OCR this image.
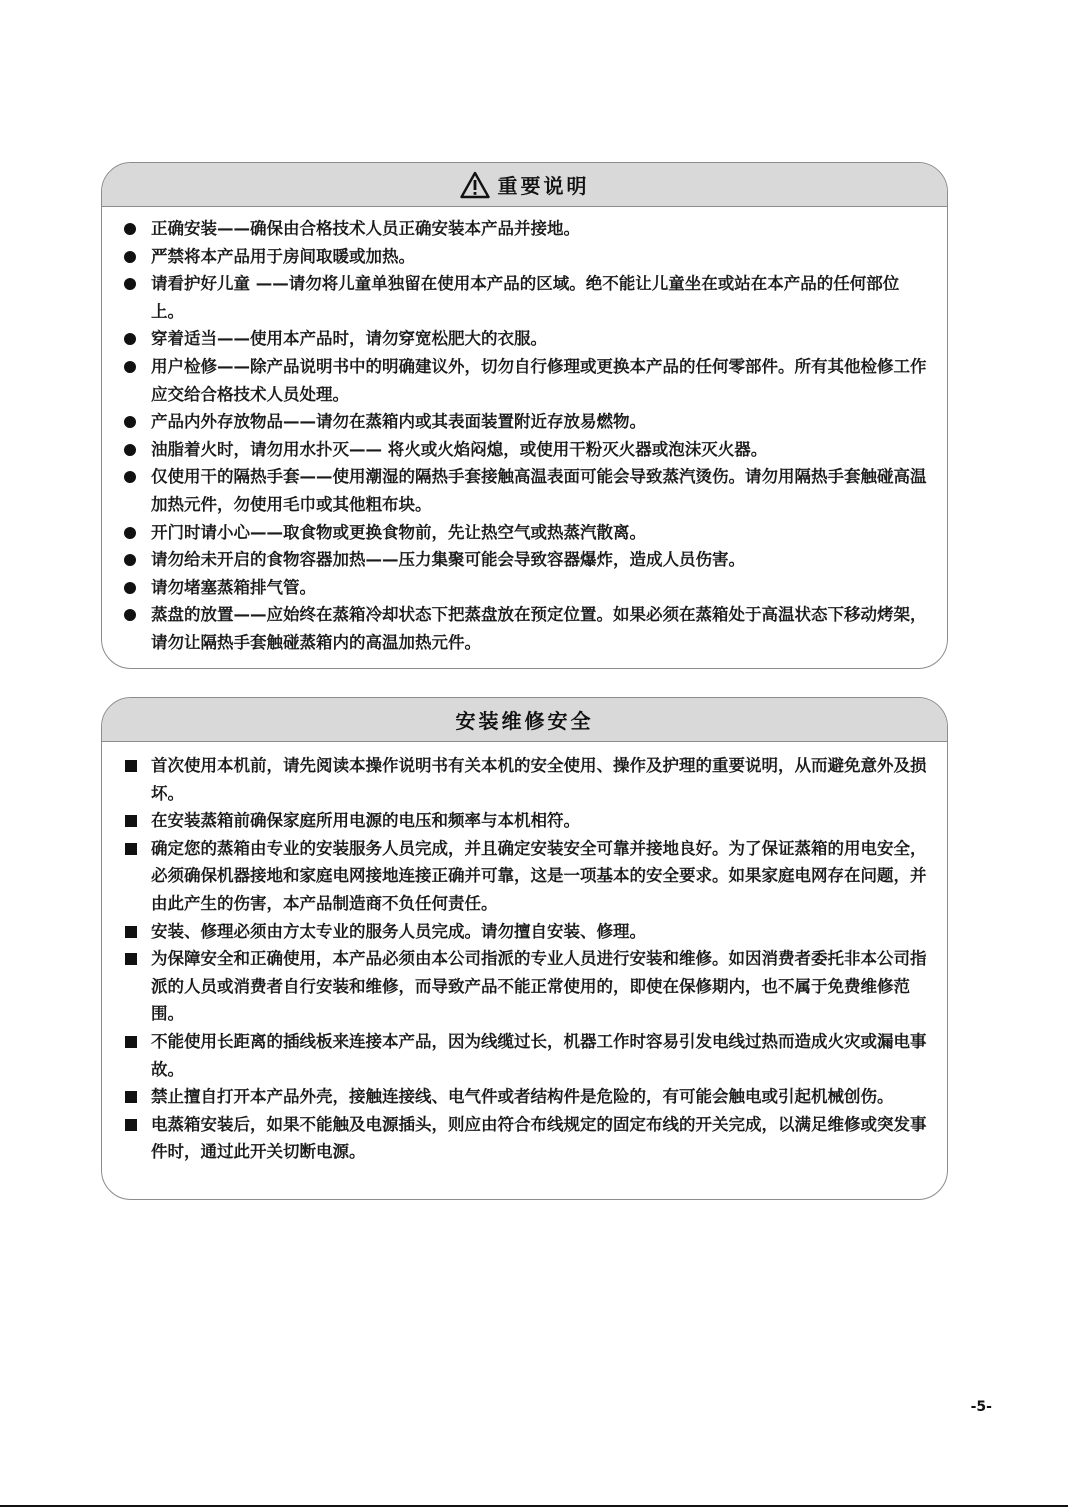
重要说明
正确安装——确保由合格技术人员正确安装本产品并接地。
严禁将本产品用于房间取暖或加热。
请看护好儿童 ——请勿将儿童单独留在使用本产品的区域。绝不能让儿童坐在或站在本产品的任何部位上。
穿着适当——使用本产品时，请勿穿宽松肥大的衣服。
用户检修——除产品说明书中的明确建议外，切勿自行修理或更换本产品的任何零部件。所有其他检修工作应交给合格技术人员处理。
产品内外存放物品——请勿在蒸箱内或其表面装置附近存放易燃物。
油脂着火时，请勿用水扑灭—— 将火或火焰闷熄，或使用干粉灭火器或泡沫灭火器。
仅使用干的隔热手套——使用潮湿的隔热手套接触高温表面可能会导致蒸汽烫伤。请勿用隔热手套触碰高温加热元件，勿使用毛巾或其他粗布块。
开门时请小心——取食物或更换食物前，先让热空气或热蒸汽散离。
请勿给未开启的食物容器加热——压力集聚可能会导致容器爆炸，造成人员伤害。
请勿堵塞蒸箱排气管。
蒸盘的放置——应始终在蒸箱冷却状态下把蒸盘放在预定位置。如果必须在蒸箱处于高温状态下移动烤架，请勿让隔热手套触碰蒸箱内的高温加热元件。
安装维修安全
首次使用本机前，请先阅读本操作说明书有关本机的安全使用、操作及护理的重要说明，从而避免意外及损坏。
在安装蒸箱前确保家庭所用电源的电压和频率与本机相符。
确定您的蒸箱由专业的安装服务人员完成，并且确定安装安全可靠并接地良好。为了保证蒸箱的用电安全，必须确保机器接地和家庭电网接地连接正确并可靠，这是一项基本的安全要求。如果家庭电网存在问题，并由此产生的伤害，本产品制造商不负任何责任。
安装、修理必须由方太专业的服务人员完成。请勿擅自安装、修理。
为保障安全和正确使用，本产品必须由本公司指派的专业人员进行安装和维修。如因消费者委托非本公司指派的人员或消费者自行安装和维修，而导致产品不能正常使用的，即使在保修期内，也不属于免费维修范围。
不能使用长距离的插线板来连接本产品，因为线缆过长，机器工作时容易引发电线过热而造成火灾或漏电事故。
禁止擅自打开本产品外壳，接触连接线、电气件或者结构件是危险的，有可能会触电或引起机械创伤。
电蒸箱安装后，如果不能触及电源插头，则应由符合布线规定的固定布线的开关完成，以满足维修或突发事件时，通过此开关切断电源。
-5-
